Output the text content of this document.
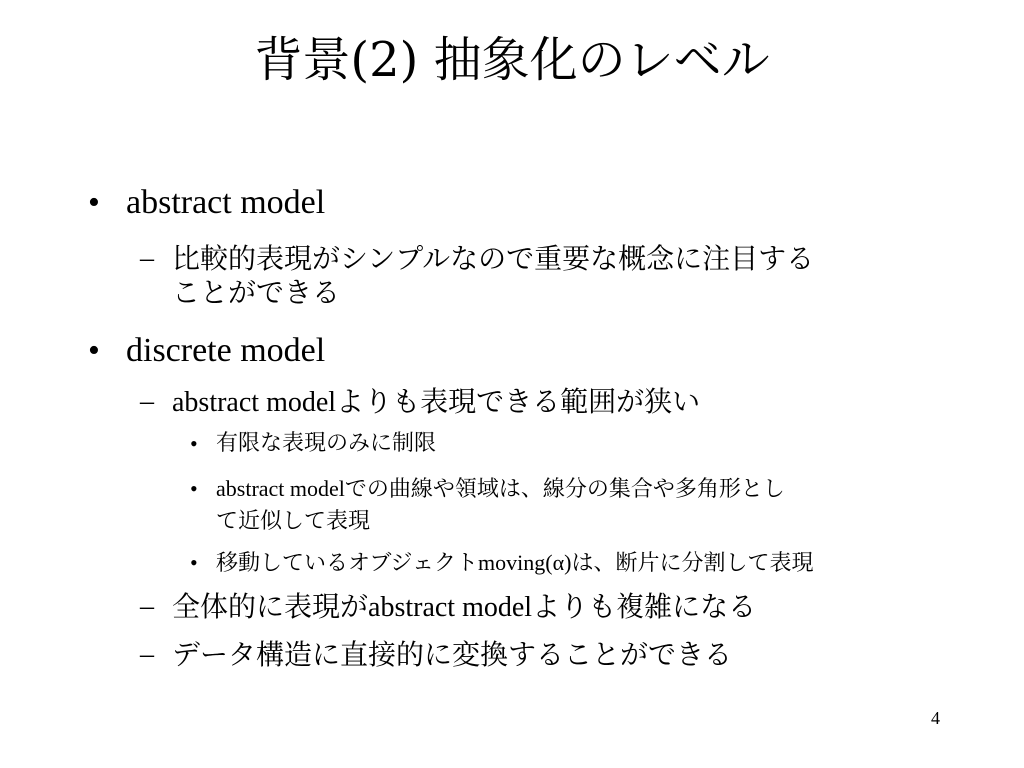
背景(2) 抽象化のレベル
• abstract model
– 比較的表現がシンプルなので重要な概念に注目する
ことができる
• discrete model
– abstract modelよりも表現できる範囲が狭い
• 有限な表現のみに制限
• abstract modelでの曲線や領域は、線分の集合や多角形とし
て近似して表現
• 移動しているオブジェクトmoving(α)は、断片に分割して表現
– 全体的に表現がabstract modelよりも複雑になる
– データ構造に直接的に変換することができる
4
